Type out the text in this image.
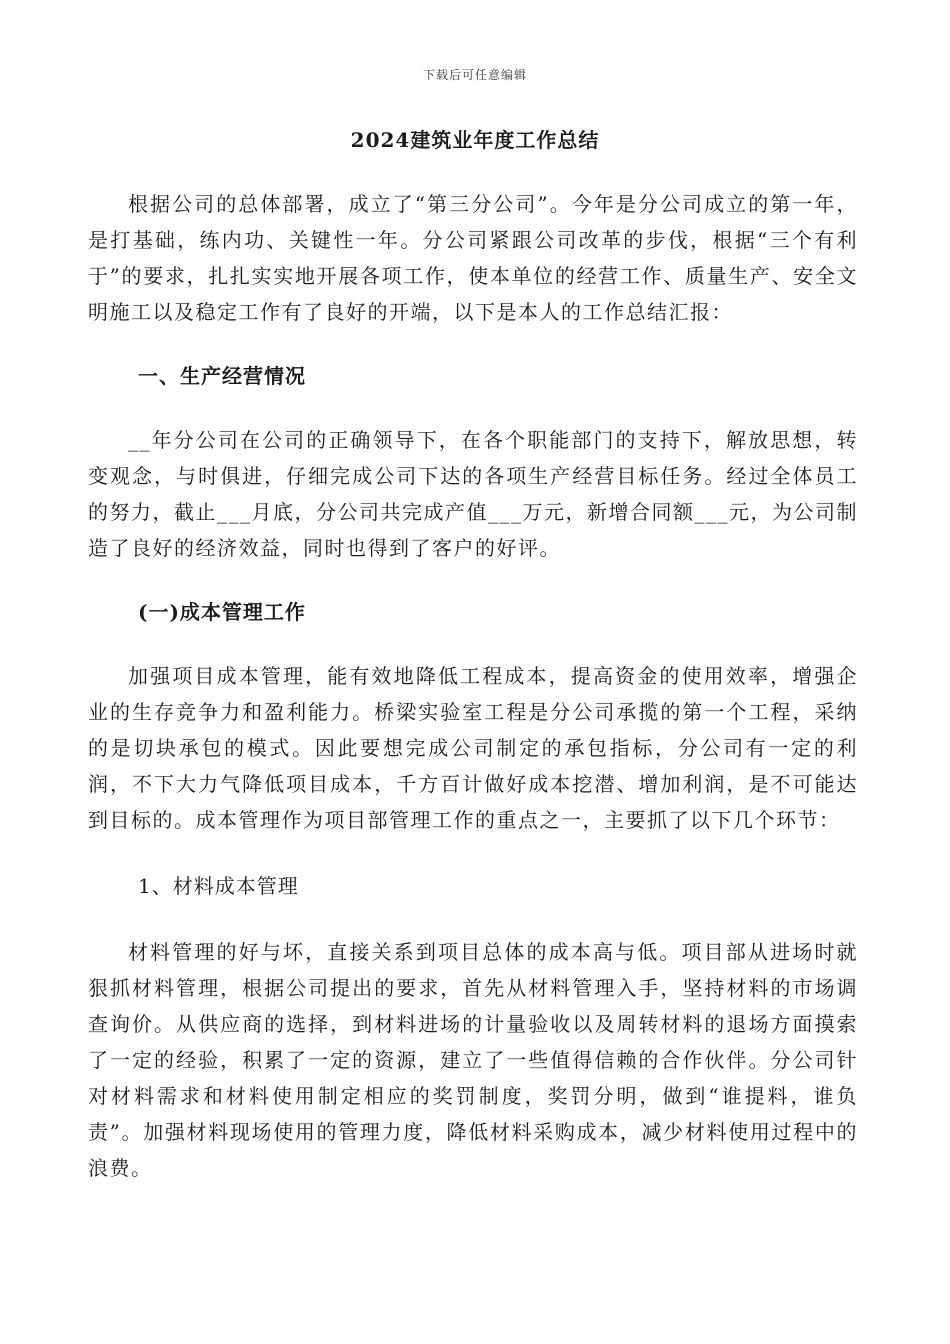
下载后可任意编辑
2024建筑业年度工作总结

根据公司的总体部署，成立了“第三分公司”。今年是分公司成立的第一年，是打基础，练内功、关键性一年。分公司紧跟公司改革的步伐，根据“三个有利于”的要求，扎扎实实地开展各项工作，使本单位的经营工作、质量生产、安全文明施工以及稳定工作有了良好的开端，以下是本人的工作总结汇报：

一、生产经营情况

__年分公司在公司的正确领导下，在各个职能部门的支持下，解放思想，转变观念，与时俱进，仔细完成公司下达的各项生产经营目标任务。经过全体员工的努力，截止___月底，分公司共完成产值___万元，新增合同额___元，为公司制造了良好的经济效益，同时也得到了客户的好评。

(一)成本管理工作

加强项目成本管理，能有效地降低工程成本，提高资金的使用效率，增强企业的生存竞争力和盈利能力。桥梁实验室工程是分公司承揽的第一个工程，采纳的是切块承包的模式。因此要想完成公司制定的承包指标，分公司有一定的利润，不下大力气降低项目成本，千方百计做好成本挖潜、增加利润，是不可能达到目标的。成本管理作为项目部管理工作的重点之一，主要抓了以下几个环节：

1、材料成本管理

材料管理的好与坏，直接关系到项目总体的成本高与低。项目部从进场时就狠抓材料管理，根据公司提出的要求，首先从材料管理入手，坚持材料的市场调查询价。从供应商的选择，到材料进场的计量验收以及周转材料的退场方面摸索了一定的经验，积累了一定的资源，建立了一些值得信赖的合作伙伴。分公司针对材料需求和材料使用制定相应的奖罚制度，奖罚分明，做到“谁提料，谁负责”。加强材料现场使用的管理力度，降低材料采购成本，减少材料使用过程中的浪费。
